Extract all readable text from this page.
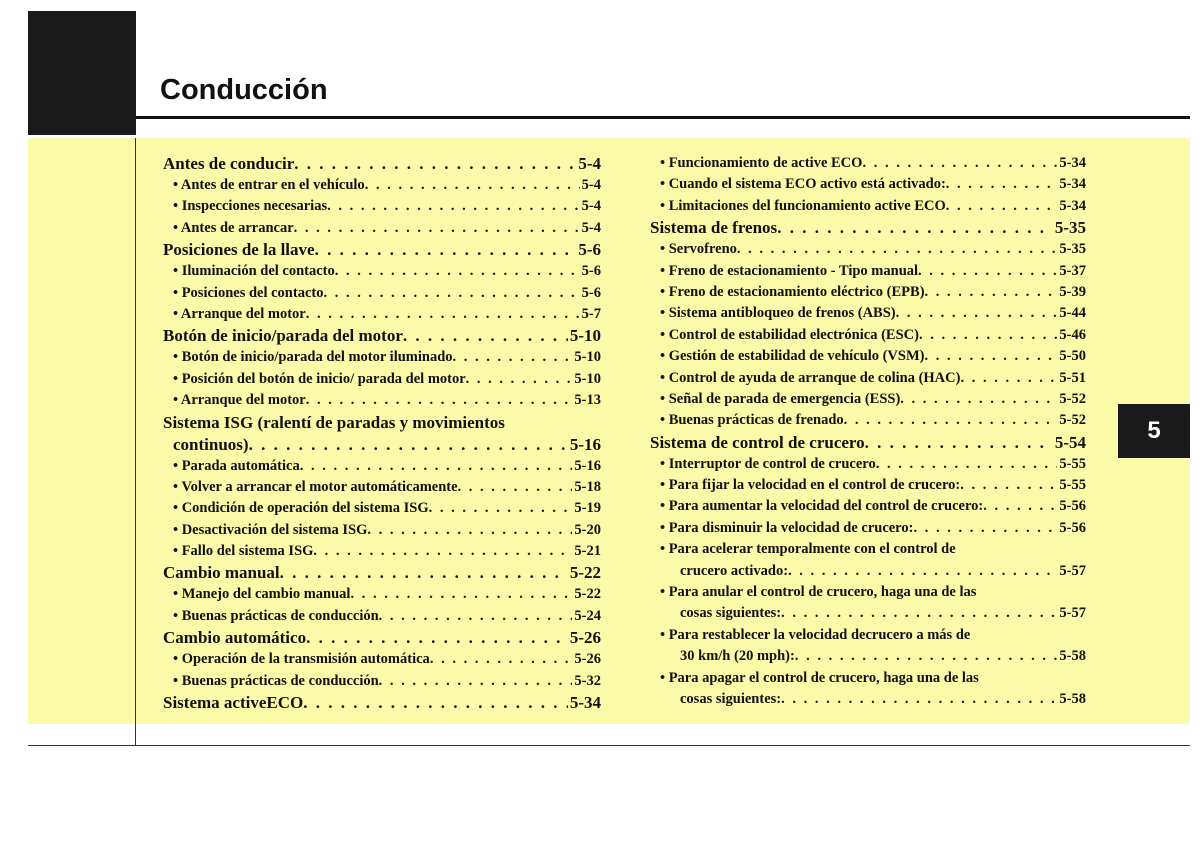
Conducción
5
Antes de conducir . . .	5-4
• Antes de entrar en el vehículo . . .	5-4
• Inspecciones necesarias . . .	5-4
• Antes de arrancar . . .	5-4
Posiciones de la llave . . .	5-6
• Iluminación del contacto . . .	5-6
• Posiciones del contacto . . .	5-6
• Arranque del motor . . .	5-7
Botón de inicio/parada del motor . . .	5-10
• Botón de inicio/parada del motor iluminado . . .	5-10
• Posición del botón de inicio/ parada del motor . . .	5-10
• Arranque del motor . . .	5-13
Sistema ISG (ralentí de paradas y movimientos
continuos) . . .	5-16
• Parada automática . . .	5-16
• Volver a arrancar el motor automáticamente . . .	5-18
• Condición de operación del sistema ISG . . .	5-19
• Desactivación del sistema ISG . . .	5-20
• Fallo del sistema ISG . . .	5-21
Cambio manual . . .	5-22
• Manejo del cambio manual . . .	5-22
• Buenas prácticas de conducción . . .	5-24
Cambio automático . . .	5-26
• Operación de la transmisión automática . . .	5-26
• Buenas prácticas de conducción . . .	5-32
Sistema activeECO . . .	5-34
• Funcionamiento de active ECO . . .	5-34
• Cuando el sistema ECO activo está activado: . . .	5-34
• Limitaciones del funcionamiento active ECO . . .	5-34
Sistema de frenos . . .	5-35
• Servofreno . . .	5-35
• Freno de estacionamiento - Tipo manual . . .	5-37
• Freno de estacionamiento eléctrico (EPB) . . .	5-39
• Sistema antibloqueo de frenos (ABS) . . .	5-44
• Control de estabilidad electrónica (ESC) . . .	5-46
• Gestión de estabilidad de vehículo (VSM) . . .	5-50
• Control de ayuda de arranque de colina (HAC) . . .	5-51
• Señal de parada de emergencia (ESS) . . .	5-52
• Buenas prácticas de frenado . . .	5-52
Sistema de control de crucero . . .	5-54
• Interruptor de control de crucero . . .	5-55
• Para fijar la velocidad en el control de crucero: . . .	5-55
• Para aumentar la velocidad del control de crucero: . . .	5-56
• Para disminuir la velocidad de crucero: . . .	5-56
• Para acelerar temporalmente con el control de
crucero activado: . . .	5-57
• Para anular el control de crucero, haga una de las
cosas siguientes: . . .	5-57
• Para restablecer la velocidad decrucero a más de
30 km/h (20 mph): . . .	5-58
• Para apagar el control de crucero, haga una de las
cosas siguientes: . . .	5-58
